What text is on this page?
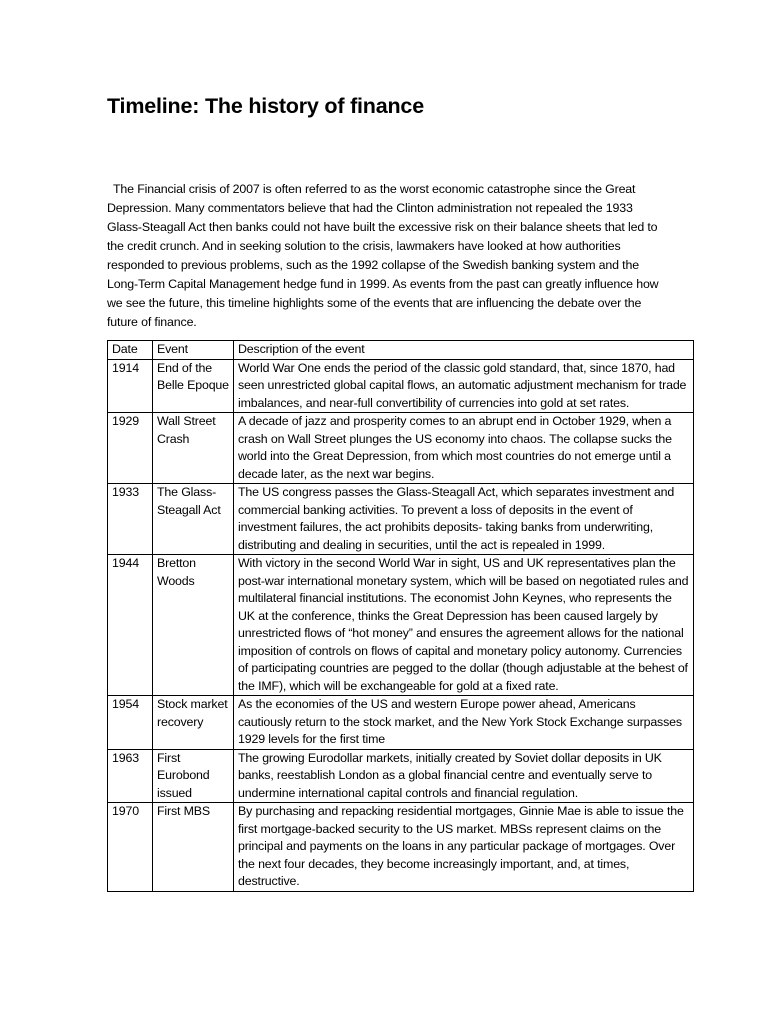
Timeline: The history of finance

The Financial crisis of 2007 is often referred to as the worst economic catastrophe since the Great Depression. Many commentators believe that had the Clinton administration not repealed the 1933 Glass-Steagall Act then banks could not have built the excessive risk on their balance sheets that led to the credit crunch. And in seeking solution to the crisis, lawmakers have looked at how authorities responded to previous problems, such as the 1992 collapse of the Swedish banking system and the Long-Term Capital Management hedge fund in 1999. As events from the past can greatly influence how we see the future, this timeline highlights some of the events that are influencing the debate over the future of finance.

Date	Event	Description of the event
1914	End of the Belle Epoque	World War One ends the period of the classic gold standard, that, since 1870, had seen unrestricted global capital flows, an automatic adjustment mechanism for trade imbalances, and near-full convertibility of currencies into gold at set rates.
1929	Wall Street Crash	A decade of jazz and prosperity comes to an abrupt end in October 1929, when a crash on Wall Street plunges the US economy into chaos. The collapse sucks the world into the Great Depression, from which most countries do not emerge until a decade later, as the next war begins.
1933	The Glass-Steagall Act	The US congress passes the Glass-Steagall Act, which separates investment and commercial banking activities. To prevent a loss of deposits in the event of investment failures, the act prohibits deposits- taking banks from underwriting, distributing and dealing in securities, until the act is repealed in 1999.
1944	Bretton Woods	With victory in the second World War in sight, US and UK representatives plan the post-war international monetary system, which will be based on negotiated rules and multilateral financial institutions. The economist John Keynes, who represents the UK at the conference, thinks the Great Depression has been caused largely by unrestricted flows of “hot money” and ensures the agreement allows for the national imposition of controls on flows of capital and monetary policy autonomy. Currencies of participating countries are pegged to the dollar (though adjustable at the behest of the IMF), which will be exchangeable for gold at a fixed rate.
1954	Stock market recovery	As the economies of the US and western Europe power ahead, Americans cautiously return to the stock market, and the New York Stock Exchange surpasses 1929 levels for the first time
1963	First Eurobond issued	The growing Eurodollar markets, initially created by Soviet dollar deposits in UK banks, reestablish London as a global financial centre and eventually serve to undermine international capital controls and financial regulation.
1970	First MBS	By purchasing and repacking residential mortgages, Ginnie Mae is able to issue the first mortgage-backed security to the US market. MBSs represent claims on the principal and payments on the loans in any particular package of mortgages. Over the next four decades, they become increasingly important, and, at times, destructive.
